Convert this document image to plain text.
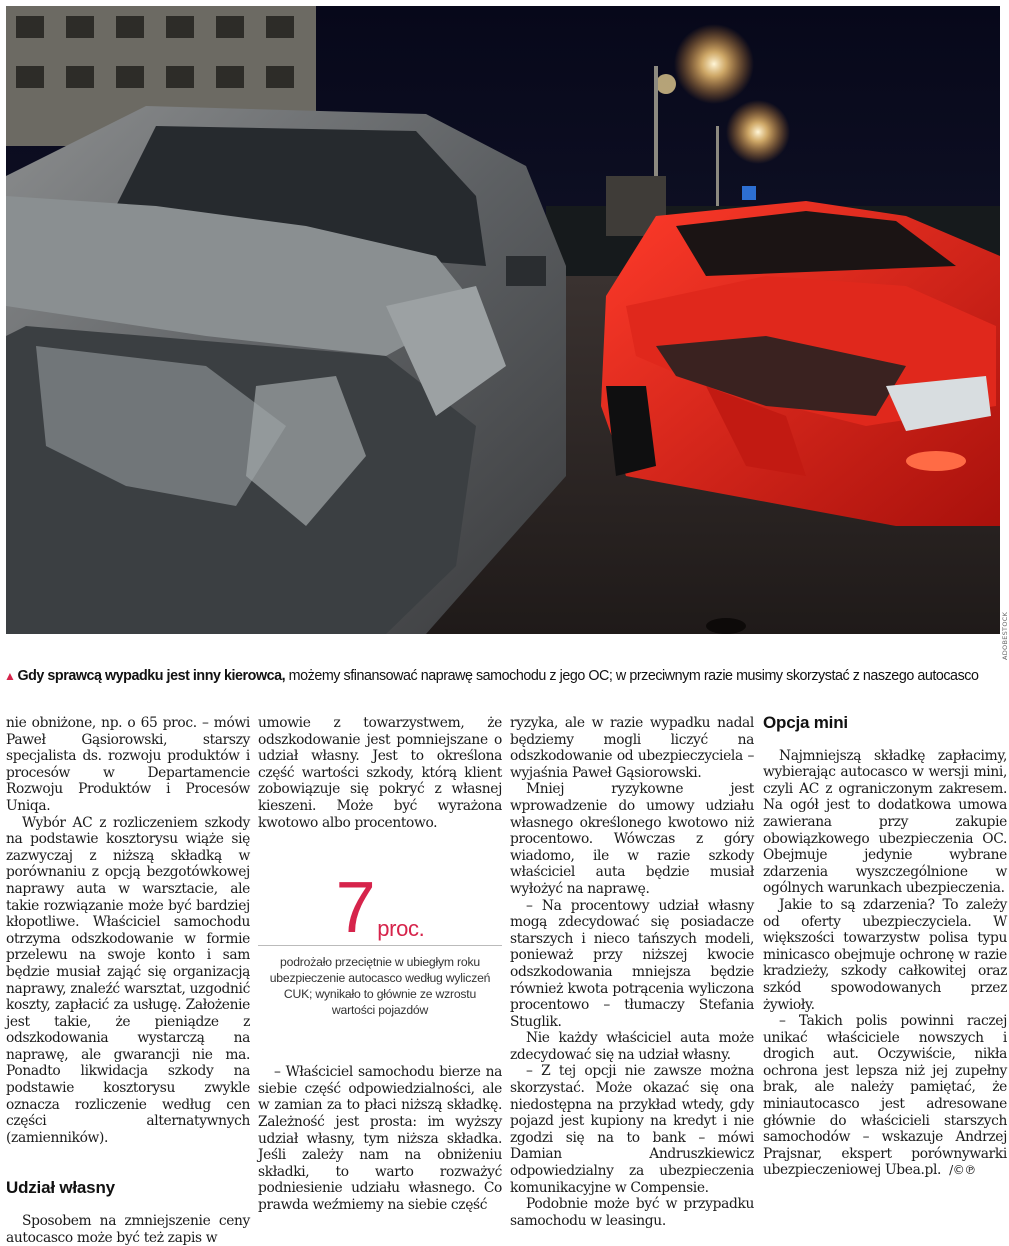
ADOBESTOCK
▲ Gdy sprawcą wypadku jest inny kierowca, możemy sfinansować naprawę samochodu z jego OC; w przeciwnym razie musimy skorzystać z naszego autocasco

nie obniżone, np. o 65 proc. – mówi Paweł Gąsiorowski, starszy specjalista ds. rozwoju produktów i procesów w Departamencie Rozwoju Produktów i Procesów Uniqa.

Wybór AC z rozliczeniem szkody na podstawie kosztorysu wiąże się zazwyczaj z niższą składką w porównaniu z opcją bezgotówkowej naprawy auta w warsztacie, ale takie rozwiązanie może być bardziej kłopotliwe. Właściciel samochodu otrzyma odszkodowanie w formie przelewu na swoje konto i sam będzie musiał zająć się organizacją naprawy, znaleźć warsztat, uzgodnić koszty, zapłacić za usługę. Założenie jest takie, że pieniądze z odszkodowania wystarczą na naprawę, ale gwarancji nie ma. Ponadto likwidacja szkody na podstawie kosztorysu zwykle oznacza rozliczenie według cen części alternatywnych (zamienników).

Udział własny

Sposobem na zmniejszenie ceny autocasco może być też zapis w

umowie z towarzystwem, że odszkodowanie jest pomniejszane o udział własny. Jest to określona część wartości szkody, którą klient zobowiązuje się pokryć z własnej kieszeni. Może być wyrażona kwotowo albo procentowo.

7 proc.
podrożało przeciętnie w ubiegłym roku ubezpieczenie autocasco według wyliczeń CUK; wynikało to głównie ze wzrostu wartości pojazdów

– Właściciel samochodu bierze na siebie część odpowiedzialności, ale w zamian za to płaci niższą składkę. Zależność jest prosta: im wyższy udział własny, tym niższa składka. Jeśli zależy nam na obniżeniu składki, to warto rozważyć podniesienie udziału własnego. Co prawda weźmiemy na siebie część

ryzyka, ale w razie wypadku nadal będziemy mogli liczyć na odszkodowanie od ubezpieczyciela – wyjaśnia Paweł Gąsiorowski.

Mniej ryzykowne jest wprowadzenie do umowy udziału własnego określonego kwotowo niż procentowo. Wówczas z góry wiadomo, ile w razie szkody właściciel auta będzie musiał wyłożyć na naprawę.

– Na procentowy udział własny mogą zdecydować się posiadacze starszych i nieco tańszych modeli, ponieważ przy niższej kwocie odszkodowania mniejsza będzie również kwota potrącenia wyliczona procentowo – tłumaczy Stefania Stuglik.

Nie każdy właściciel auta może zdecydować się na udział własny.

– Z tej opcji nie zawsze można skorzystać. Może okazać się ona niedostępna na przykład wtedy, gdy pojazd jest kupiony na kredyt i nie zgodzi się na to bank – mówi Damian Andruszkiewicz odpowiedzialny za ubezpieczenia komunikacyjne w Compensie.

Podobnie może być w przypadku samochodu w leasingu.

Opcja mini

Najmniejszą składkę zapłacimy, wybierając autocasco w wersji mini, czyli AC z ograniczonym zakresem. Na ogół jest to dodatkowa umowa zawierana przy zakupie obowiązkowego ubezpieczenia OC. Obejmuje jedynie wybrane zdarzenia wyszczególnione w ogólnych warunkach ubezpieczenia.

Jakie to są zdarzenia? To zależy od oferty ubezpieczyciela. W większości towarzystw polisa typu minicasco obejmuje ochronę w razie kradzieży, szkody całkowitej oraz szkód spowodowanych przez żywioły.

– Takich polis powinni raczej unikać właściciele nowszych i drogich aut. Oczywiście, nikła ochrona jest lepsza niż jej zupełny brak, ale należy pamiętać, że miniautocasco jest adresowane głównie do właścicieli starszych samochodów – wskazuje Andrzej Prajsnar, ekspert porównywarki ubezpieczeniowej Ubea.pl. /©℗
